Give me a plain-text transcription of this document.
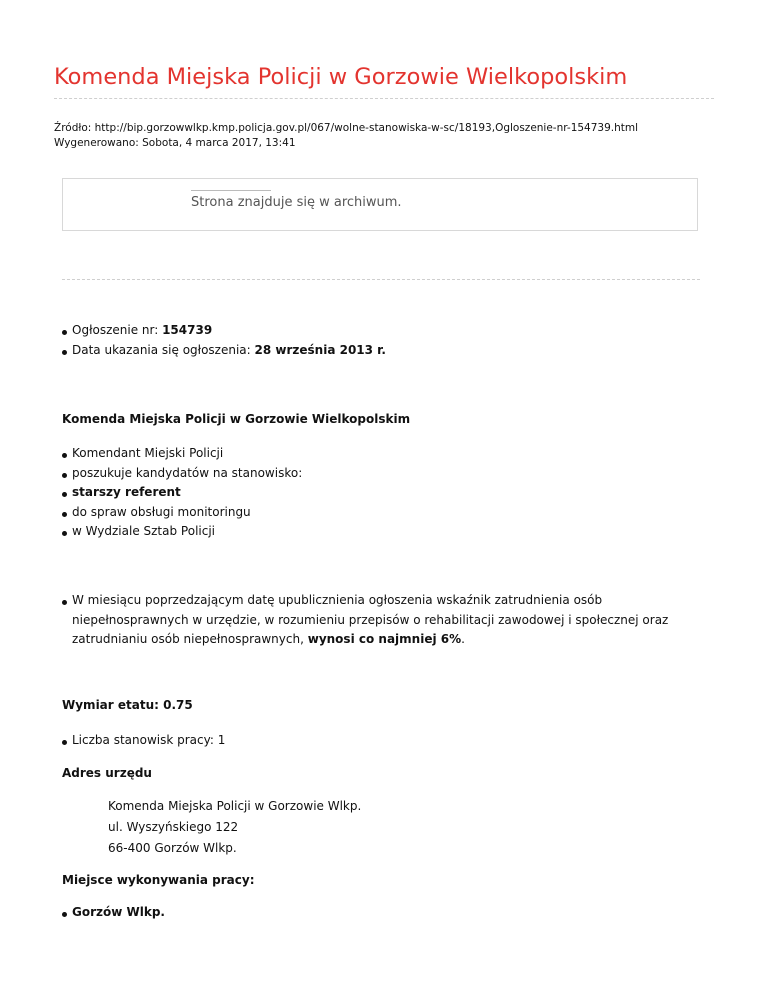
Komenda Miejska Policji w Gorzowie Wielkopolskim
Źródło: http://bip.gorzowwlkp.kmp.policja.gov.pl/067/wolne-stanowiska-w-sc/18193,Ogloszenie-nr-154739.html
Wygenerowano: Sobota, 4 marca 2017, 13:41
Strona znajduje się w archiwum.
Ogłoszenie nr: 154739
Data ukazania się ogłoszenia: 28 września 2013 r.
Komenda Miejska Policji w Gorzowie Wielkopolskim
Komendant Miejski Policji
poszukuje kandydatów na stanowisko:
starszy referent
do spraw obsługi monitoringu
w Wydziale Sztab Policji
W miesiącu poprzedzającym datę upublicznienia ogłoszenia wskaźnik zatrudnienia osób niepełnosprawnych w urzędzie, w rozumieniu przepisów o rehabilitacji zawodowej i społecznej oraz zatrudnianiu osób niepełnosprawnych, wynosi co najmniej 6%.
Wymiar etatu: 0.75
Liczba stanowisk pracy: 1
Adres urzędu
Komenda Miejska Policji w Gorzowie Wlkp.
ul. Wyszyńskiego 122
66-400 Gorzów Wlkp.
Miejsce wykonywania pracy:
Gorzów Wlkp.
